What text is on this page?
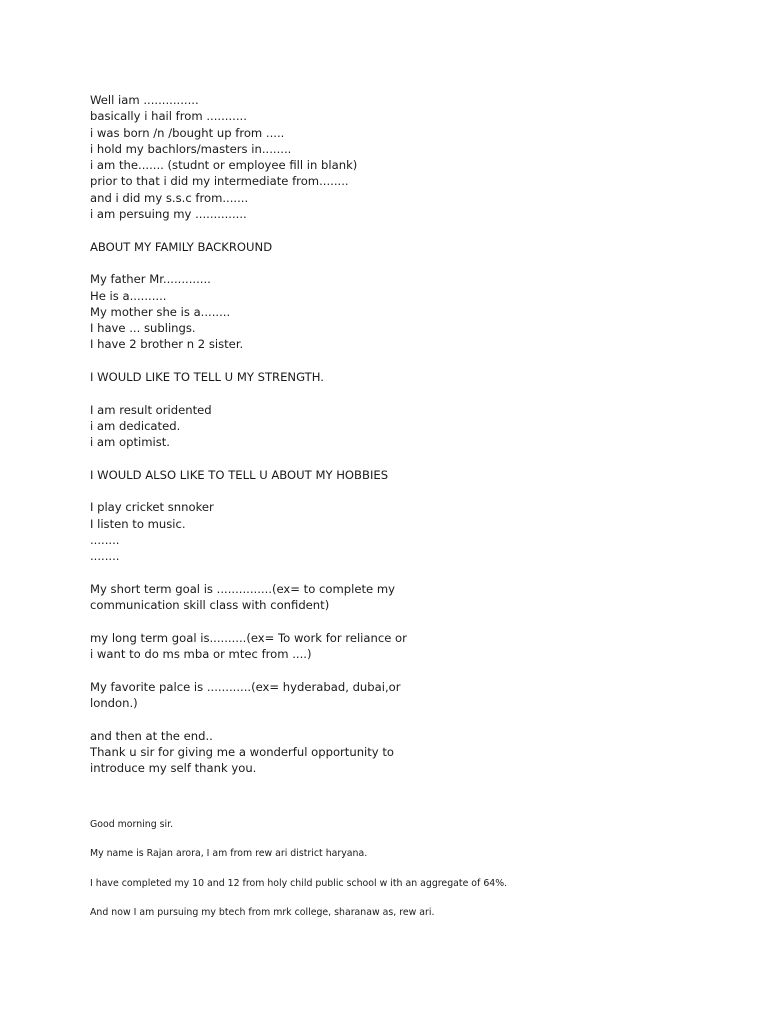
Well iam ...............
basically i hail from ...........
i was born /n /bought up from .....
i hold my bachlors/masters in........
i am the....... (studnt or employee fill in blank)
prior to that i did my intermediate from........
and i did my s.s.c from.......
i am persuing my ..............
ABOUT MY FAMILY BACKROUND
My father Mr.............
He is a..........
My mother she is a........
I have ... sublings.
I have 2 brother n 2 sister.
I WOULD LIKE TO TELL U MY STRENGTH.
I am result oridented
i am dedicated.
i am optimist.
I WOULD ALSO LIKE TO TELL U ABOUT MY HOBBIES
I play cricket snnoker
I listen to music.
........
........
My short term goal is ...............(ex= to complete my
communication skill class with confident)
my long term goal is..........(ex= To work for reliance or
i want to do ms mba or mtec from ....)
My favorite palce is ............(ex= hyderabad, dubai,or
london.)
and then at the end..
Thank u sir for giving me a wonderful opportunity to
introduce my self thank you.
Good morning sir.
My name is Rajan arora, I am from rew ari district haryana.
I have completed my 10 and 12 from holy child public school w ith an aggregate of 64%.
And now I am pursuing my btech from mrk college, sharanaw as, rew ari.
